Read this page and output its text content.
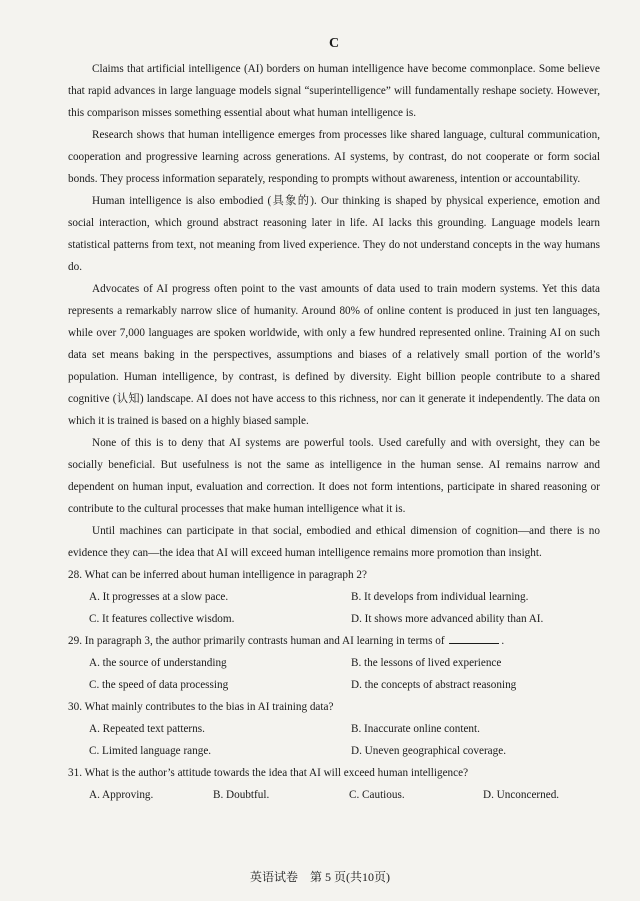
C

Claims that artificial intelligence (AI) borders on human intelligence have become commonplace. Some believe that rapid advances in large language models signal “superintelligence” will fundamentally reshape society. However, this comparison misses something essential about what human intelligence is.

Research shows that human intelligence emerges from processes like shared language, cultural communication, cooperation and progressive learning across generations. AI systems, by contrast, do not cooperate or form social bonds. They process information separately, responding to prompts without awareness, intention or accountability.

Human intelligence is also embodied (具象的). Our thinking is shaped by physical experience, emotion and social interaction, which ground abstract reasoning later in life. AI lacks this grounding. Language models learn statistical patterns from text, not meaning from lived experience. They do not understand concepts in the way humans do.

Advocates of AI progress often point to the vast amounts of data used to train modern systems. Yet this data represents a remarkably narrow slice of humanity. Around 80% of online content is produced in just ten languages, while over 7,000 languages are spoken worldwide, with only a few hundred represented online. Training AI on such data set means baking in the perspectives, assumptions and biases of a relatively small portion of the world’s population. Human intelligence, by contrast, is defined by diversity. Eight billion people contribute to a shared cognitive (认知) landscape. AI does not have access to this richness, nor can it generate it independently. The data on which it is trained is based on a highly biased sample.

None of this is to deny that AI systems are powerful tools. Used carefully and with oversight, they can be socially beneficial. But usefulness is not the same as intelligence in the human sense. AI remains narrow and dependent on human input, evaluation and correction. It does not form intentions, participate in shared reasoning or contribute to the cultural processes that make human intelligence what it is.

Until machines can participate in that social, embodied and ethical dimension of cognition—and there is no evidence they can—the idea that AI will exceed human intelligence remains more promotion than insight.

28. What can be inferred about human intelligence in paragraph 2?

A. It progresses at a slow pace.	B. It develops from individual learning.
C. It features collective wisdom.	D. It shows more advanced ability than AI.

29. In paragraph 3, the author primarily contrasts human and AI learning in terms of	.

A. the source of understanding	B. the lessons of lived experience
C. the speed of data processing	D. the concepts of abstract reasoning

30. What mainly contributes to the bias in AI training data?

A. Repeated text patterns.	B. Inaccurate online content.
C. Limited language range.	D. Uneven geographical coverage.

31. What is the author’s attitude towards the idea that AI will exceed human intelligence?

A. Approving.	B. Doubtful.	C. Cautious.	D. Unconcerned.
英语试卷　第 5 页(共10页)
